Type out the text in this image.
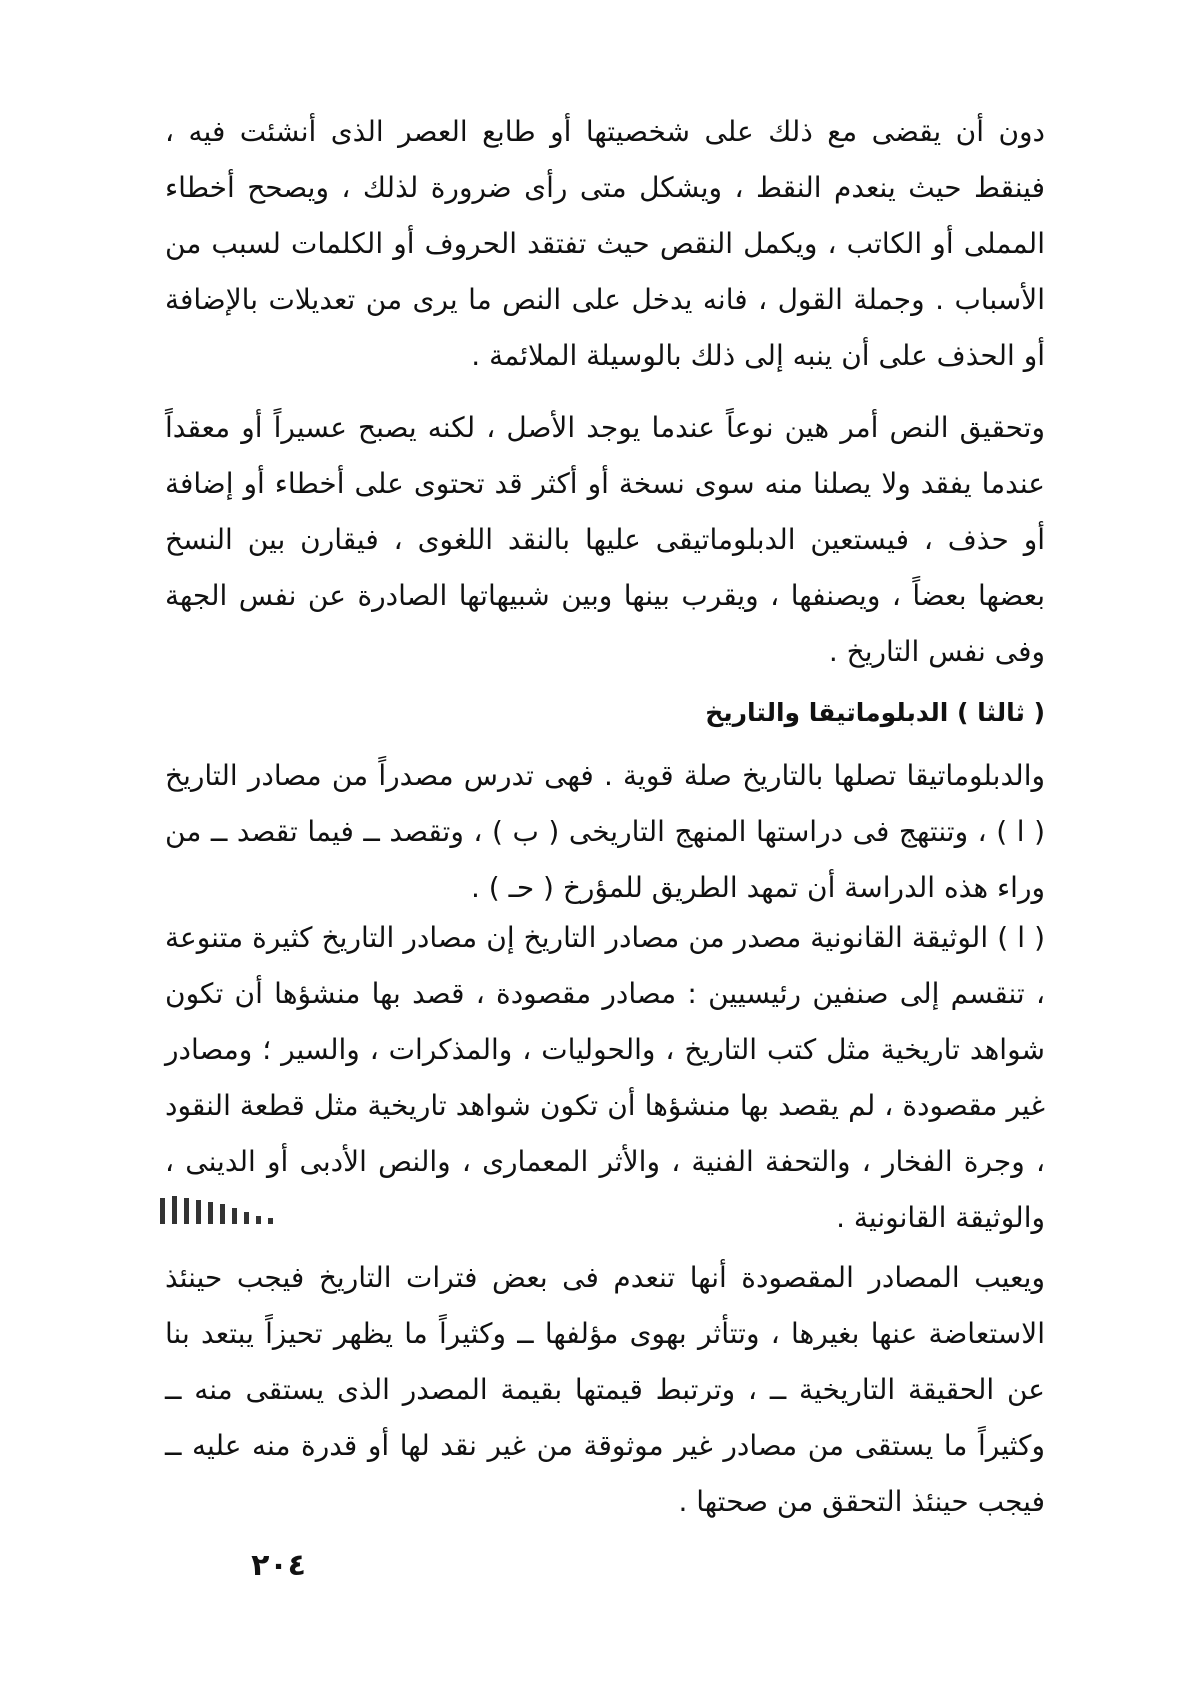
دون أن يقضى مع ذلك على شخصيتها أو طابع العصر الذى أنشئت فيه ، فينقط حيث ينعدم النقط ، ويشكل متى رأى ضرورة لذلك ، ويصحح أخطاء المملى أو الكاتب ، ويكمل النقص حيث تفتقد الحروف أو الكلمات لسبب من الأسباب . وجملة القول ، فانه يدخل على النص ما يرى من تعديلات بالإضافة أو الحذف على أن ينبه إلى ذلك بالوسيلة الملائمة .

وتحقيق النص أمر هين نوعاً عندما يوجد الأصل ، لكنه يصبح عسيراً أو معقداً عندما يفقد ولا يصلنا منه سوى نسخة أو أكثر قد تحتوى على أخطاء أو إضافة أو حذف ، فيستعين الدبلوماتيقى عليها بالنقد اللغوى ، فيقارن بين النسخ بعضها بعضاً ، ويصنفها ، ويقرب بينها وبين شبيهاتها الصادرة عن نفس الجهة وفى نفس التاريخ .

( ثالثا ) الدبلوماتيقا والتاريخ

والدبلوماتيقا تصلها بالتاريخ صلة قوية . فهى تدرس مصدراً من مصادر التاريخ ( ا ) ، وتنتهج فى دراستها المنهج التاريخى ( ب ) ، وتقصد ــ فيما تقصد ــ من وراء هذه الدراسة أن تمهد الطريق للمؤرخ ( حـ ) .

( ا ) الوثيقة القانونية مصدر من مصادر التاريخ إن مصادر التاريخ كثيرة متنوعة ، تنقسم إلى صنفين رئيسيين : مصادر مقصودة ، قصد بها منشؤها أن تكون شواهد تاريخية مثل كتب التاريخ ، والحوليات ، والمذكرات ، والسير ؛ ومصادر غير مقصودة ، لم يقصد بها منشؤها أن تكون شواهد تاريخية مثل قطعة النقود ، وجرة الفخار ، والتحفة الفنية ، والأثر المعمارى ، والنص الأدبى أو الدينى ، والوثيقة القانونية .

ويعيب المصادر المقصودة أنها تنعدم فى بعض فترات التاريخ فيجب حينئذ الاستعاضة عنها بغيرها ، وتتأثر بهوى مؤلفها ــ وكثيراً ما يظهر تحيزاً يبتعد بنا عن الحقيقة التاريخية ــ ، وترتبط قيمتها بقيمة المصدر الذى يستقى منه ــ وكثيراً ما يستقى من مصادر غير موثوقة من غير نقد لها أو قدرة منه عليه ــ فيجب حينئذ التحقق من صحتها .

٢٠٤
